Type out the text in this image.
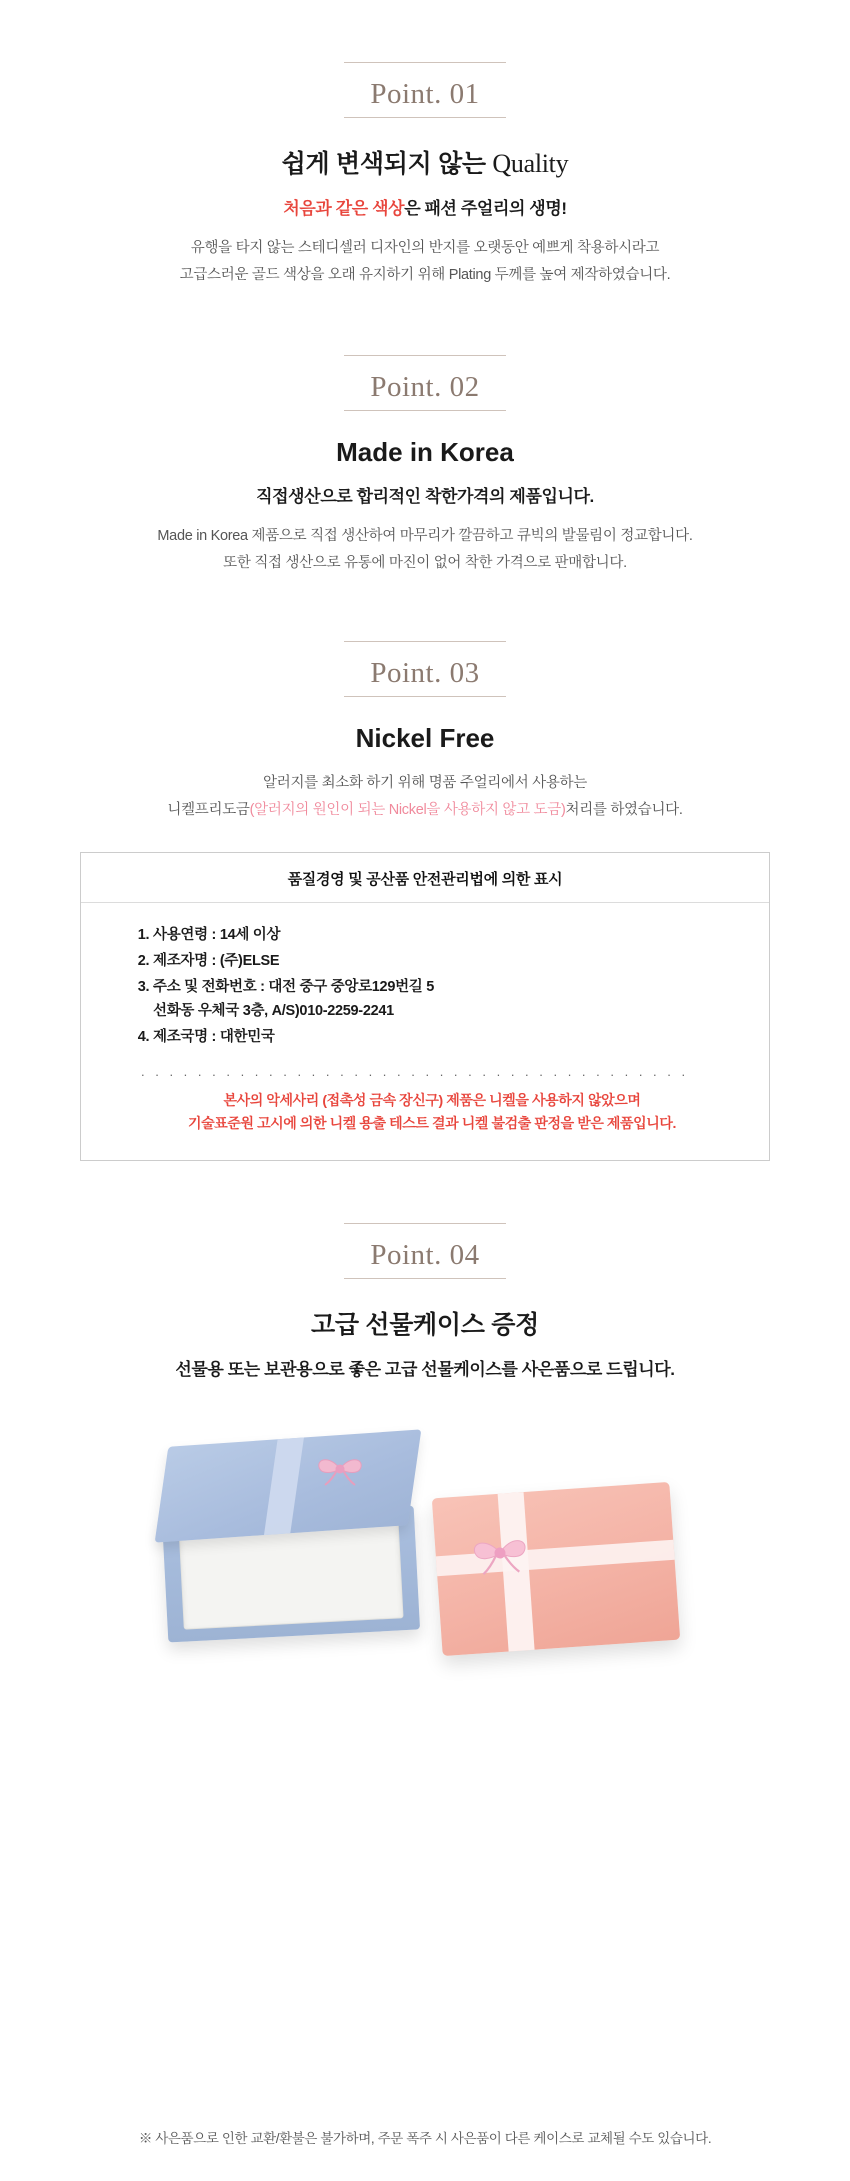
Point. 01
쉽게 변색되지 않는 Quality
처음과 같은 색상은 패션 주얼리의 생명!
유행을 타지 않는 스테디셀러 디자인의 반지를 오랫동안 예쁘게 착용하시라고
고급스러운 골드 색상을 오래 유지하기 위해 Plating 두께를 높여 제작하였습니다.
Point. 02
Made in Korea
직접생산으로 합리적인 착한가격의 제품입니다.
Made in Korea 제품으로 직접 생산하여 마무리가 깔끔하고 큐빅의 발물림이 정교합니다.
또한 직접 생산으로 유통에 마진이 없어 착한 가격으로 판매합니다.
Point. 03
Nickel Free
알러지를 최소화 하기 위해 명품 주얼리에서 사용하는
니켈프리도금(알러지의 원인이 되는 Nickel을 사용하지 않고 도금)처리를 하였습니다.
품질경영 및 공산품 안전관리법에 의한 표시
1. 사용연령 : 14세 이상
2. 제조자명 : (주)ELSE
3. 주소 및 전화번호 : 대전 중구 중앙로129번길 5
선화동 우체국 3층, A/S)010-2259-2241
4. 제조국명 : 대한민국
. . . . . . . . . . . . . . . . . . . . . . . . . . . . . . . . . . . . . . .
본사의 악세사리 (접촉성 금속 장신구) 제품은 니켈을 사용하지 않았으며
기술표준원 고시에 의한 니켈 용출 테스트 결과 니켈 불검출 판정을 받은 제품입니다.
Point. 04
고급 선물케이스 증정
선물용 또는 보관용으로 좋은 고급 선물케이스를 사은품으로 드립니다.
※ 사은품으로 인한 교환/환불은 불가하며, 주문 폭주 시 사은품이 다른 케이스로 교체될 수도 있습니다.
